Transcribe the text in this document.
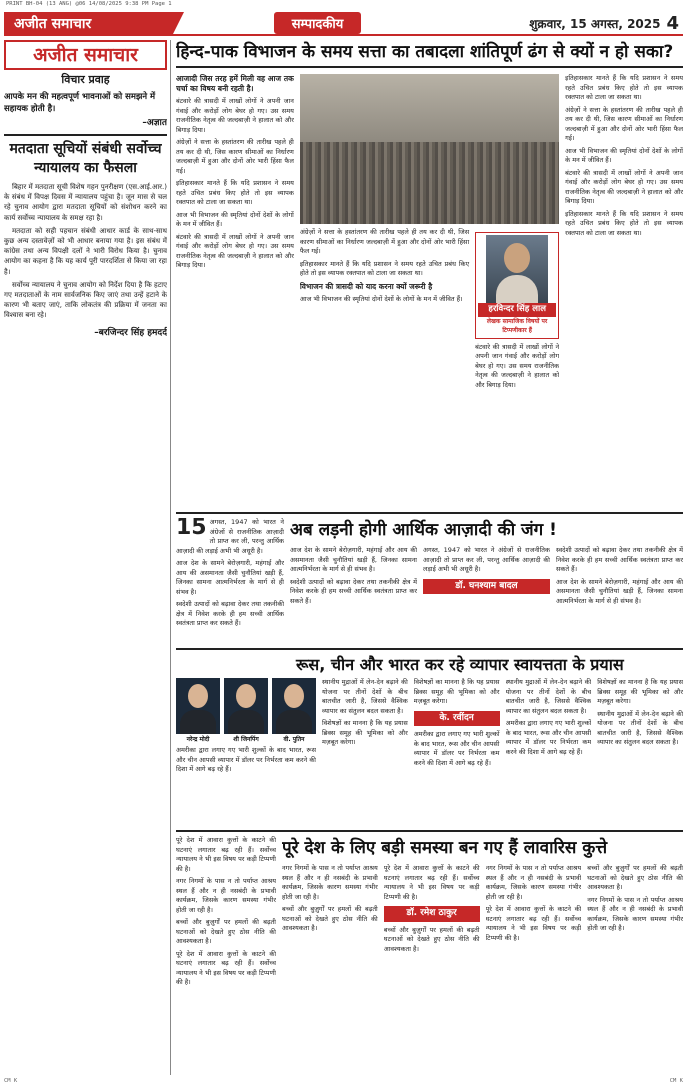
PRINT BH-04 (13 ANG) @06 14/08/2025 9:38 PM Page 1
अजीत समाचार	सम्पादकीय	शुक्रवार, 15 अगस्त, 2025 4
अजीत समाचार
विचार प्रवाह
आपके मन की महत्वपूर्ण भावनाओं को समझने में सहायक होती है।
–अज्ञात
मतदाता सूचियों संबंधी सर्वोच्च न्यायालय का फैसला

बिहार में मतदाता सूची विशेष गहन पुनरीक्षण (एस.आई.आर.) के संबंध में विपक्ष दिवस में न्यायालय पहुंचा है। जून मास से चल रहे चुनाव आयोग द्वारा मतदाता सूचियों को संशोधन करने का कार्य सर्वोच्च न्यायालय के समक्ष रहा है।

मतदाता को सही पहचान संबंधी आधार कार्ड के साथ-साथ कुछ अन्य दस्तावेज़ों को भी आधार बनाया गया है। इस संबंध में कांग्रेस तथा अन्य विपक्षी दलों ने भारी विरोध किया है। चुनाव आयोग का कहना है कि यह कार्य पूरी पारदर्शिता से किया जा रहा है।

सर्वोच्च न्यायालय ने चुनाव आयोग को निर्देश दिया है कि हटाए गए मतदाताओं के नाम सार्वजनिक किए जाएं तथा उन्हें हटाने के कारण भी बताए जाएं, ताकि लोकतंत्र की प्रक्रिया में जनता का विश्वास बना रहे।

–बरजिन्दर सिंह हमदर्द
हिन्द-पाक विभाजन के समय सत्ता का तबादला शांतिपूर्ण ढंग से क्यों न हो सका?
आजादी जिस तरह हमें मिली वह आज तक चर्चा का विषय बनी रहती है।

बंटवारे की त्रासदी में लाखों लोगों ने अपनी जान गंवाई और करोड़ों लोग बेघर हो गए। उस समय राजनीतिक नेतृत्व की जल्दबाज़ी ने हालात को और बिगाड़ दिया।

अंग्रेज़ों ने सत्ता के हस्तांतरण की तारीख पहले ही तय कर दी थी, जिस कारण सीमाओं का निर्धारण जल्दबाज़ी में हुआ और दोनों ओर भारी हिंसा फैल गई।

इतिहासकार मानते हैं कि यदि प्रशासन ने समय रहते उचित प्रबंध किए होते तो इस व्यापक रक्तपात को टाला जा सकता था।

आज भी विभाजन की स्मृतियां दोनों देशों के लोगों के मन में जीवित हैं।

बंटवारे की त्रासदी में लाखों लोगों ने अपनी जान गंवाई और करोड़ों लोग बेघर हो गए। उस समय राजनीतिक नेतृत्व की जल्दबाज़ी ने हालात को और बिगाड़ दिया।

अंग्रेज़ों ने सत्ता के हस्तांतरण की तारीख पहले ही तय कर दी थी, जिस कारण सीमाओं का निर्धारण जल्दबाज़ी में हुआ और दोनों ओर भारी हिंसा फैल गई।

इतिहासकार मानते हैं कि यदि प्रशासन ने समय रहते उचित प्रबंध किए होते तो इस व्यापक रक्तपात को टाला जा सकता था।

विभाजन की त्रासदी को याद करना क्यों जरूरी है

आज भी विभाजन की स्मृतियां दोनों देशों के लोगों के मन में जीवित हैं।

हरविन्दर सिंह लाल
लेखक सामाजिक विषयों पर टिप्पणीकार हैं

बंटवारे की त्रासदी में लाखों लोगों ने अपनी जान गंवाई और करोड़ों लोग बेघर हो गए। उस समय राजनीतिक नेतृत्व की जल्दबाज़ी ने हालात को और बिगाड़ दिया।

इतिहासकार मानते हैं कि यदि प्रशासन ने समय रहते उचित प्रबंध किए होते तो इस व्यापक रक्तपात को टाला जा सकता था।

अंग्रेज़ों ने सत्ता के हस्तांतरण की तारीख पहले ही तय कर दी थी, जिस कारण सीमाओं का निर्धारण जल्दबाज़ी में हुआ और दोनों ओर भारी हिंसा फैल गई।

आज भी विभाजन की स्मृतियां दोनों देशों के लोगों के मन में जीवित हैं।

बंटवारे की त्रासदी में लाखों लोगों ने अपनी जान गंवाई और करोड़ों लोग बेघर हो गए। उस समय राजनीतिक नेतृत्व की जल्दबाज़ी ने हालात को और बिगाड़ दिया।

इतिहासकार मानते हैं कि यदि प्रशासन ने समय रहते उचित प्रबंध किए होते तो इस व्यापक रक्तपात को टाला जा सकता था।

15 अगस्त, 1947 को भारत ने अंग्रेजों से राजनीतिक आज़ादी तो प्राप्त कर ली, परन्तु आर्थिक आज़ादी की लड़ाई अभी भी अधूरी है।

आज देश के सामने बेरोज़गारी, महंगाई और आय की असमानता जैसी चुनौतियां खड़ी हैं, जिनका सामना आत्मनिर्भरता के मार्ग से ही संभव है।

स्वदेशी उत्पादों को बढ़ावा देकर तथा तकनीकी क्षेत्र में निवेश करके ही हम सच्ची आर्थिक स्वतंत्रता प्राप्त कर सकते हैं।

अब लड़नी होगी आर्थिक आज़ादी की जंग !

आज देश के सामने बेरोज़गारी, महंगाई और आय की असमानता जैसी चुनौतियां खड़ी हैं, जिनका सामना आत्मनिर्भरता के मार्ग से ही संभव है।

स्वदेशी उत्पादों को बढ़ावा देकर तथा तकनीकी क्षेत्र में निवेश करके ही हम सच्ची आर्थिक स्वतंत्रता प्राप्त कर सकते हैं।

अगस्त, 1947 को भारत ने अंग्रेजों से राजनीतिक आज़ादी तो प्राप्त कर ली, परन्तु आर्थिक आज़ादी की लड़ाई अभी भी अधूरी है।

डॉ. घनश्याम बादल

स्वदेशी उत्पादों को बढ़ावा देकर तथा तकनीकी क्षेत्र में निवेश करके ही हम सच्ची आर्थिक स्वतंत्रता प्राप्त कर सकते हैं।

आज देश के सामने बेरोज़गारी, महंगाई और आय की असमानता जैसी चुनौतियां खड़ी हैं, जिनका सामना आत्मनिर्भरता के मार्ग से ही संभव है।

रूस, चीन और भारत कर रहे व्यापार स्वायत्तता के प्रयास
नरेन्द्र मोदी	शी जिनपिंग	वी. पुतिन

अमरीका द्वारा लगाए गए भारी शुल्कों के बाद भारत, रूस और चीन आपसी व्यापार में डॉलर पर निर्भरता कम करने की दिशा में आगे बढ़ रहे हैं।

स्थानीय मुद्राओं में लेन-देन बढ़ाने की योजना पर तीनों देशों के बीच बातचीत जारी है, जिससे वैश्विक व्यापार का संतुलन बदल सकता है।

विशेषज्ञों का मानना है कि यह प्रयास ब्रिक्स समूह की भूमिका को और मज़बूत करेगा।

विशेषज्ञों का मानना है कि यह प्रयास ब्रिक्स समूह की भूमिका को और मज़बूत करेगा।

के. रवींदन

अमरीका द्वारा लगाए गए भारी शुल्कों के बाद भारत, रूस और चीन आपसी व्यापार में डॉलर पर निर्भरता कम करने की दिशा में आगे बढ़ रहे हैं।

स्थानीय मुद्राओं में लेन-देन बढ़ाने की योजना पर तीनों देशों के बीच बातचीत जारी है, जिससे वैश्विक व्यापार का संतुलन बदल सकता है।

अमरीका द्वारा लगाए गए भारी शुल्कों के बाद भारत, रूस और चीन आपसी व्यापार में डॉलर पर निर्भरता कम करने की दिशा में आगे बढ़ रहे हैं।

विशेषज्ञों का मानना है कि यह प्रयास ब्रिक्स समूह की भूमिका को और मज़बूत करेगा।

स्थानीय मुद्राओं में लेन-देन बढ़ाने की योजना पर तीनों देशों के बीच बातचीत जारी है, जिससे वैश्विक व्यापार का संतुलन बदल सकता है।

पूरे देश में आवारा कुत्तों के काटने की घटनाएं लगातार बढ़ रही हैं। सर्वोच्च न्यायालय ने भी इस विषय पर कड़ी टिप्पणी की है।

नगर निगमों के पास न तो पर्याप्त आश्रय स्थल हैं और न ही नसबंदी के प्रभावी कार्यक्रम, जिसके कारण समस्या गंभीर होती जा रही है।

बच्चों और बुज़ुर्गों पर हमलों की बढ़ती घटनाओं को देखते हुए ठोस नीति की आवश्यकता है।

पूरे देश में आवारा कुत्तों के काटने की घटनाएं लगातार बढ़ रही हैं। सर्वोच्च न्यायालय ने भी इस विषय पर कड़ी टिप्पणी की है।

पूरे देश के लिए बड़ी समस्या बन गए हैं लावारिस कुत्ते

नगर निगमों के पास न तो पर्याप्त आश्रय स्थल हैं और न ही नसबंदी के प्रभावी कार्यक्रम, जिसके कारण समस्या गंभीर होती जा रही है।

बच्चों और बुज़ुर्गों पर हमलों की बढ़ती घटनाओं को देखते हुए ठोस नीति की आवश्यकता है।

पूरे देश में आवारा कुत्तों के काटने की घटनाएं लगातार बढ़ रही हैं। सर्वोच्च न्यायालय ने भी इस विषय पर कड़ी टिप्पणी की है।

डॉ. रमेश ठाकुर

बच्चों और बुज़ुर्गों पर हमलों की बढ़ती घटनाओं को देखते हुए ठोस नीति की आवश्यकता है।

नगर निगमों के पास न तो पर्याप्त आश्रय स्थल हैं और न ही नसबंदी के प्रभावी कार्यक्रम, जिसके कारण समस्या गंभीर होती जा रही है।

पूरे देश में आवारा कुत्तों के काटने की घटनाएं लगातार बढ़ रही हैं। सर्वोच्च न्यायालय ने भी इस विषय पर कड़ी टिप्पणी की है।

बच्चों और बुज़ुर्गों पर हमलों की बढ़ती घटनाओं को देखते हुए ठोस नीति की आवश्यकता है।

नगर निगमों के पास न तो पर्याप्त आश्रय स्थल हैं और न ही नसबंदी के प्रभावी कार्यक्रम, जिसके कारण समस्या गंभीर होती जा रही है।

CM K	CM K
